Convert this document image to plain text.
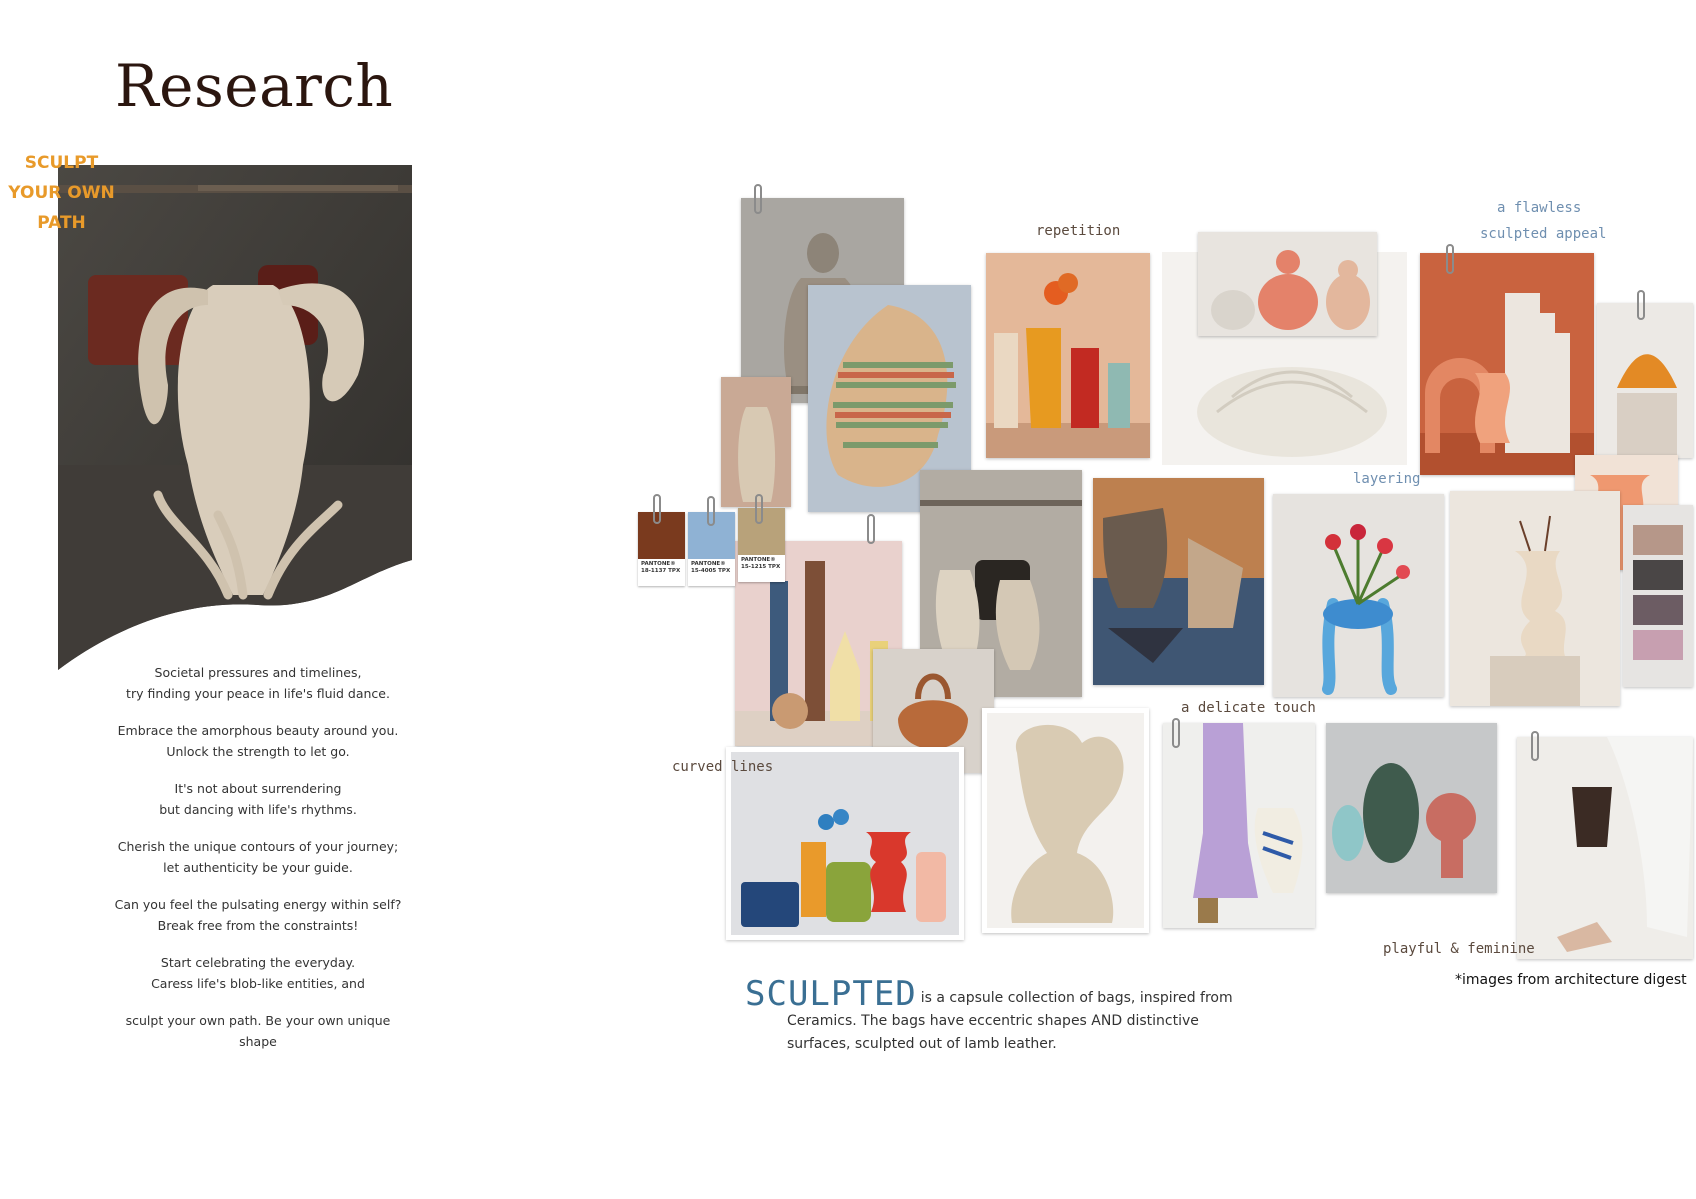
Research
SCULPT
YOUR OWN
PATH

Societal pressures and timelines,
try finding your peace in life's fluid dance.

Embrace the amorphous beauty around you.
Unlock the strength to let go.

It's not about surrendering
but dancing with life's rhythms.

Cherish the unique contours of your journey;
let authenticity be your guide.

Can you feel the pulsating energy within self?
Break free from the constraints!

Start celebrating the everyday.
Caress life's blob-like entities, and

sculpt your own path. Be your own unique shape

PANTONE®
18-1137 TPX
PANTONE®
15-4005 TPX
PANTONE®
15-1215 TPX
repetition
a flawless
sculpted appeal
layering
a delicate touch
curved lines
playful & feminine
*images from architecture digest
SCULPTED is a capsule collection of bags, inspired from
Ceramics. The bags have eccentric shapes AND distinctive
surfaces, sculpted out of lamb leather.
